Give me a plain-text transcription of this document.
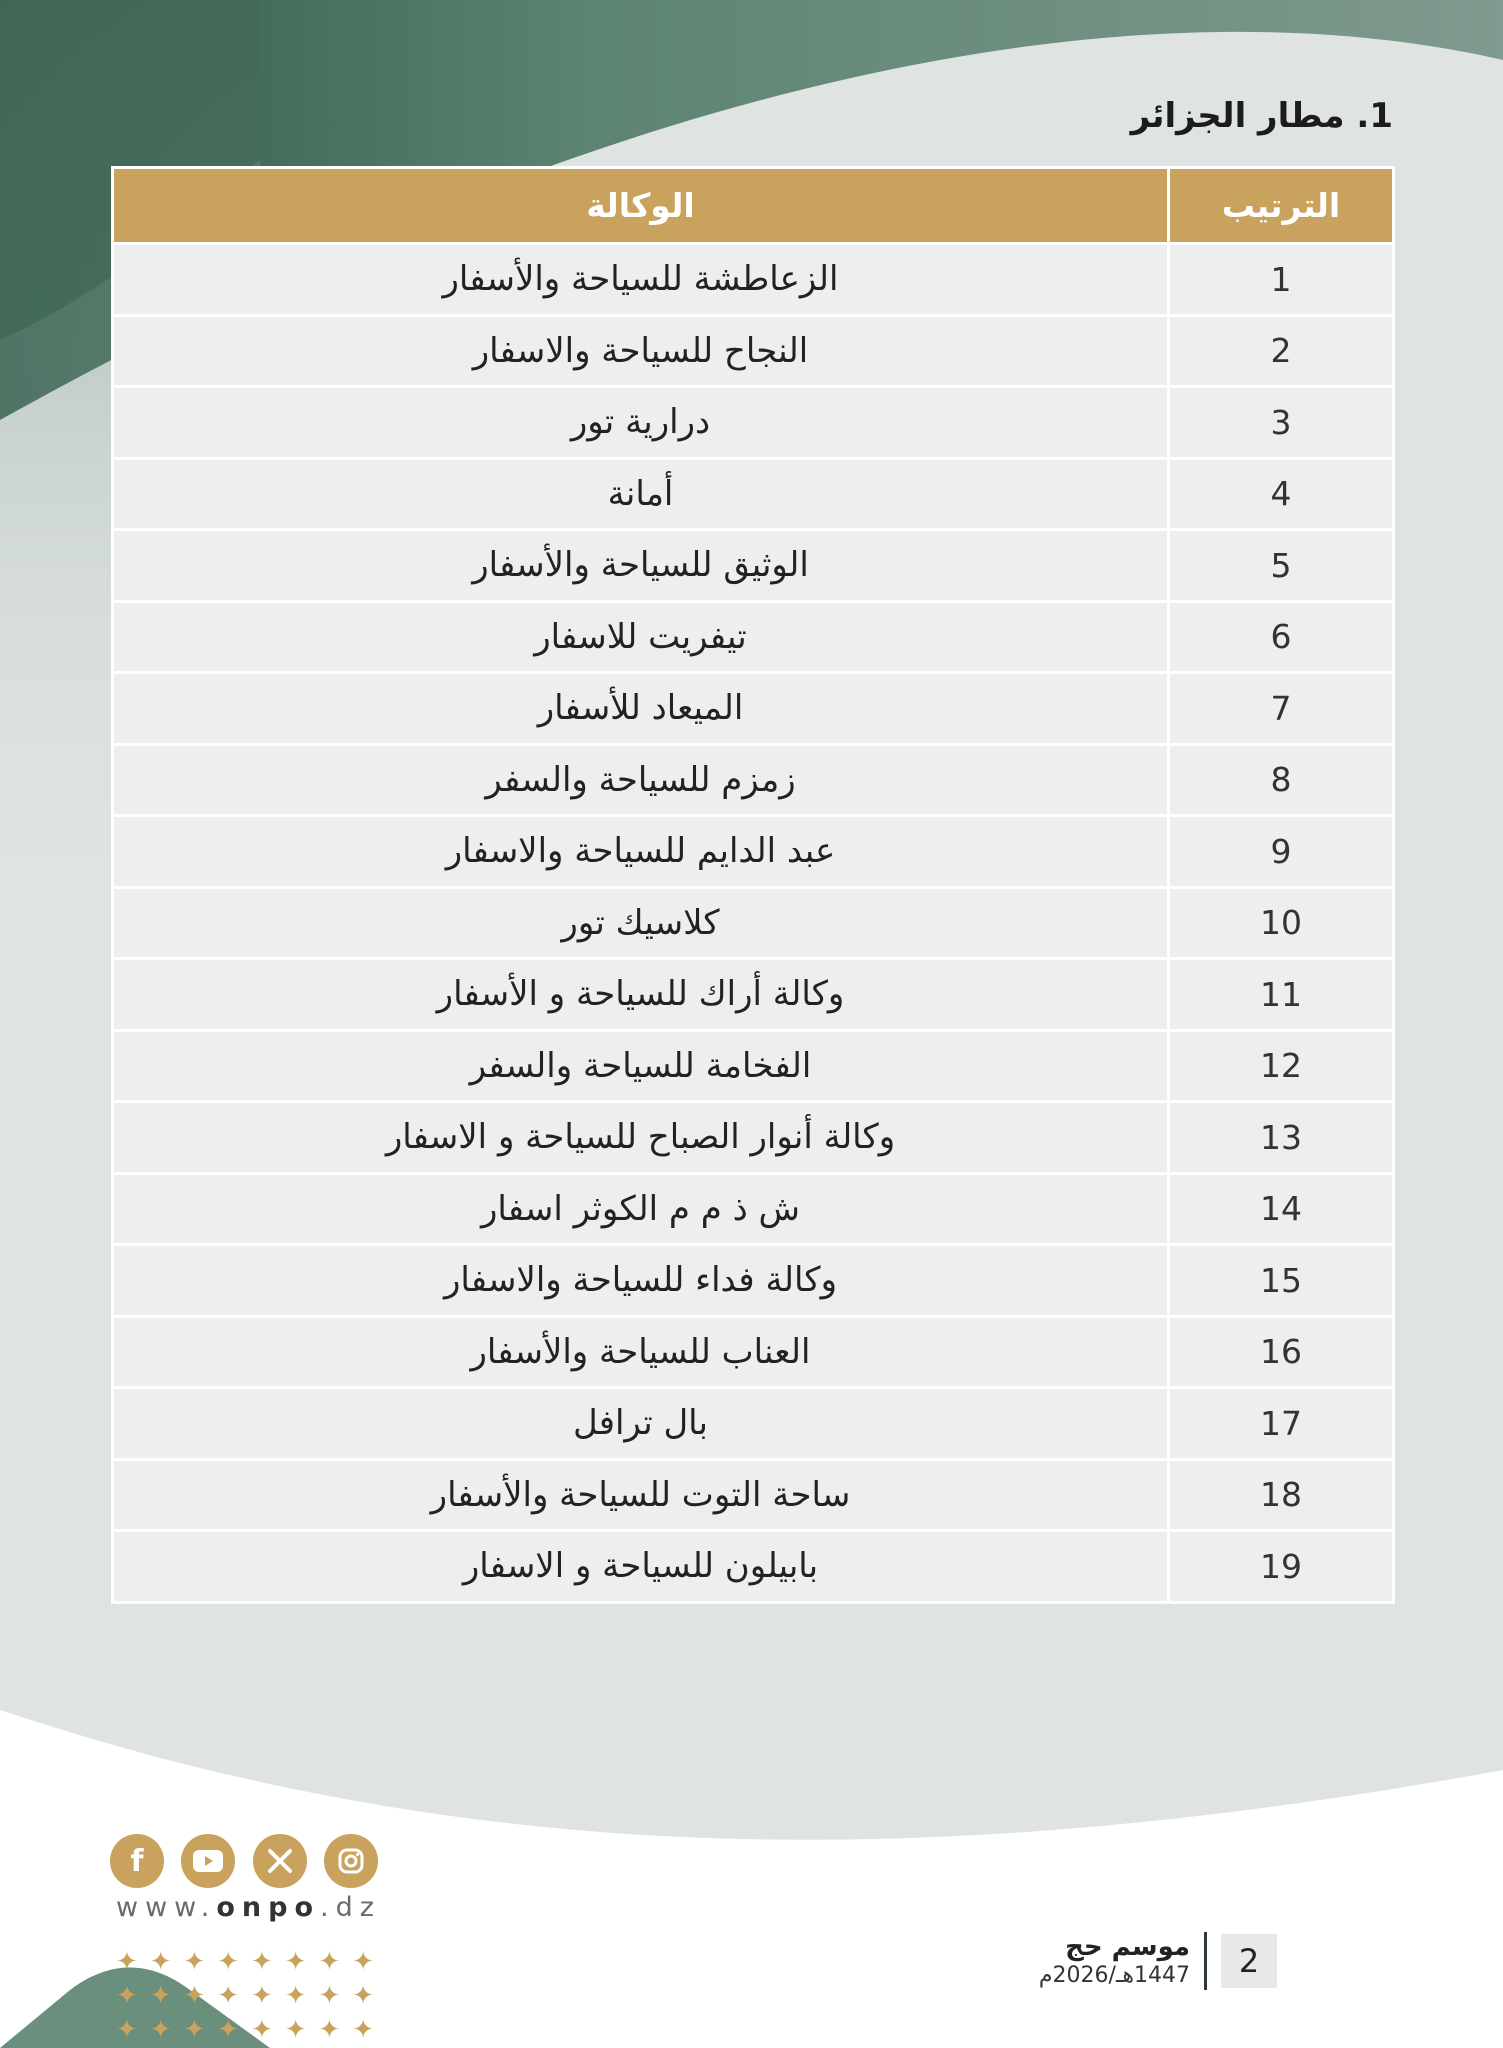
1. مطار الجزائر
الترتيب	الوكالة
1	الزعاطشة للسياحة والأسفار
2	النجاح للسياحة والاسفار
3	درارية تور
4	أمانة
5	الوثيق للسياحة والأسفار
6	تيفريت للاسفار
7	الميعاد للأسفار
8	زمزم للسياحة والسفر
9	عبد الدايم للسياحة والاسفار
10	كلاسيك تور
11	وكالة أراك للسياحة و الأسفار
12	الفخامة للسياحة والسفر
13	وكالة أنوار الصباح للسياحة و الاسفار
14	ش ذ م م الكوثر اسفار
15	وكالة فداء للسياحة والاسفار
16	العناب للسياحة والأسفار
17	بال ترافل
18	ساحة التوت للسياحة والأسفار
19	بابيلون للسياحة و الاسفار
f
www.onpo.dz
✦ ✦ ✦ ✦ ✦ ✦ ✦ ✦
✦ ✦ ✦ ✦ ✦ ✦ ✦ ✦
✦ ✦ ✦ ✦ ✦ ✦ ✦ ✦
موسم حج
1447هـ/2026م	2
